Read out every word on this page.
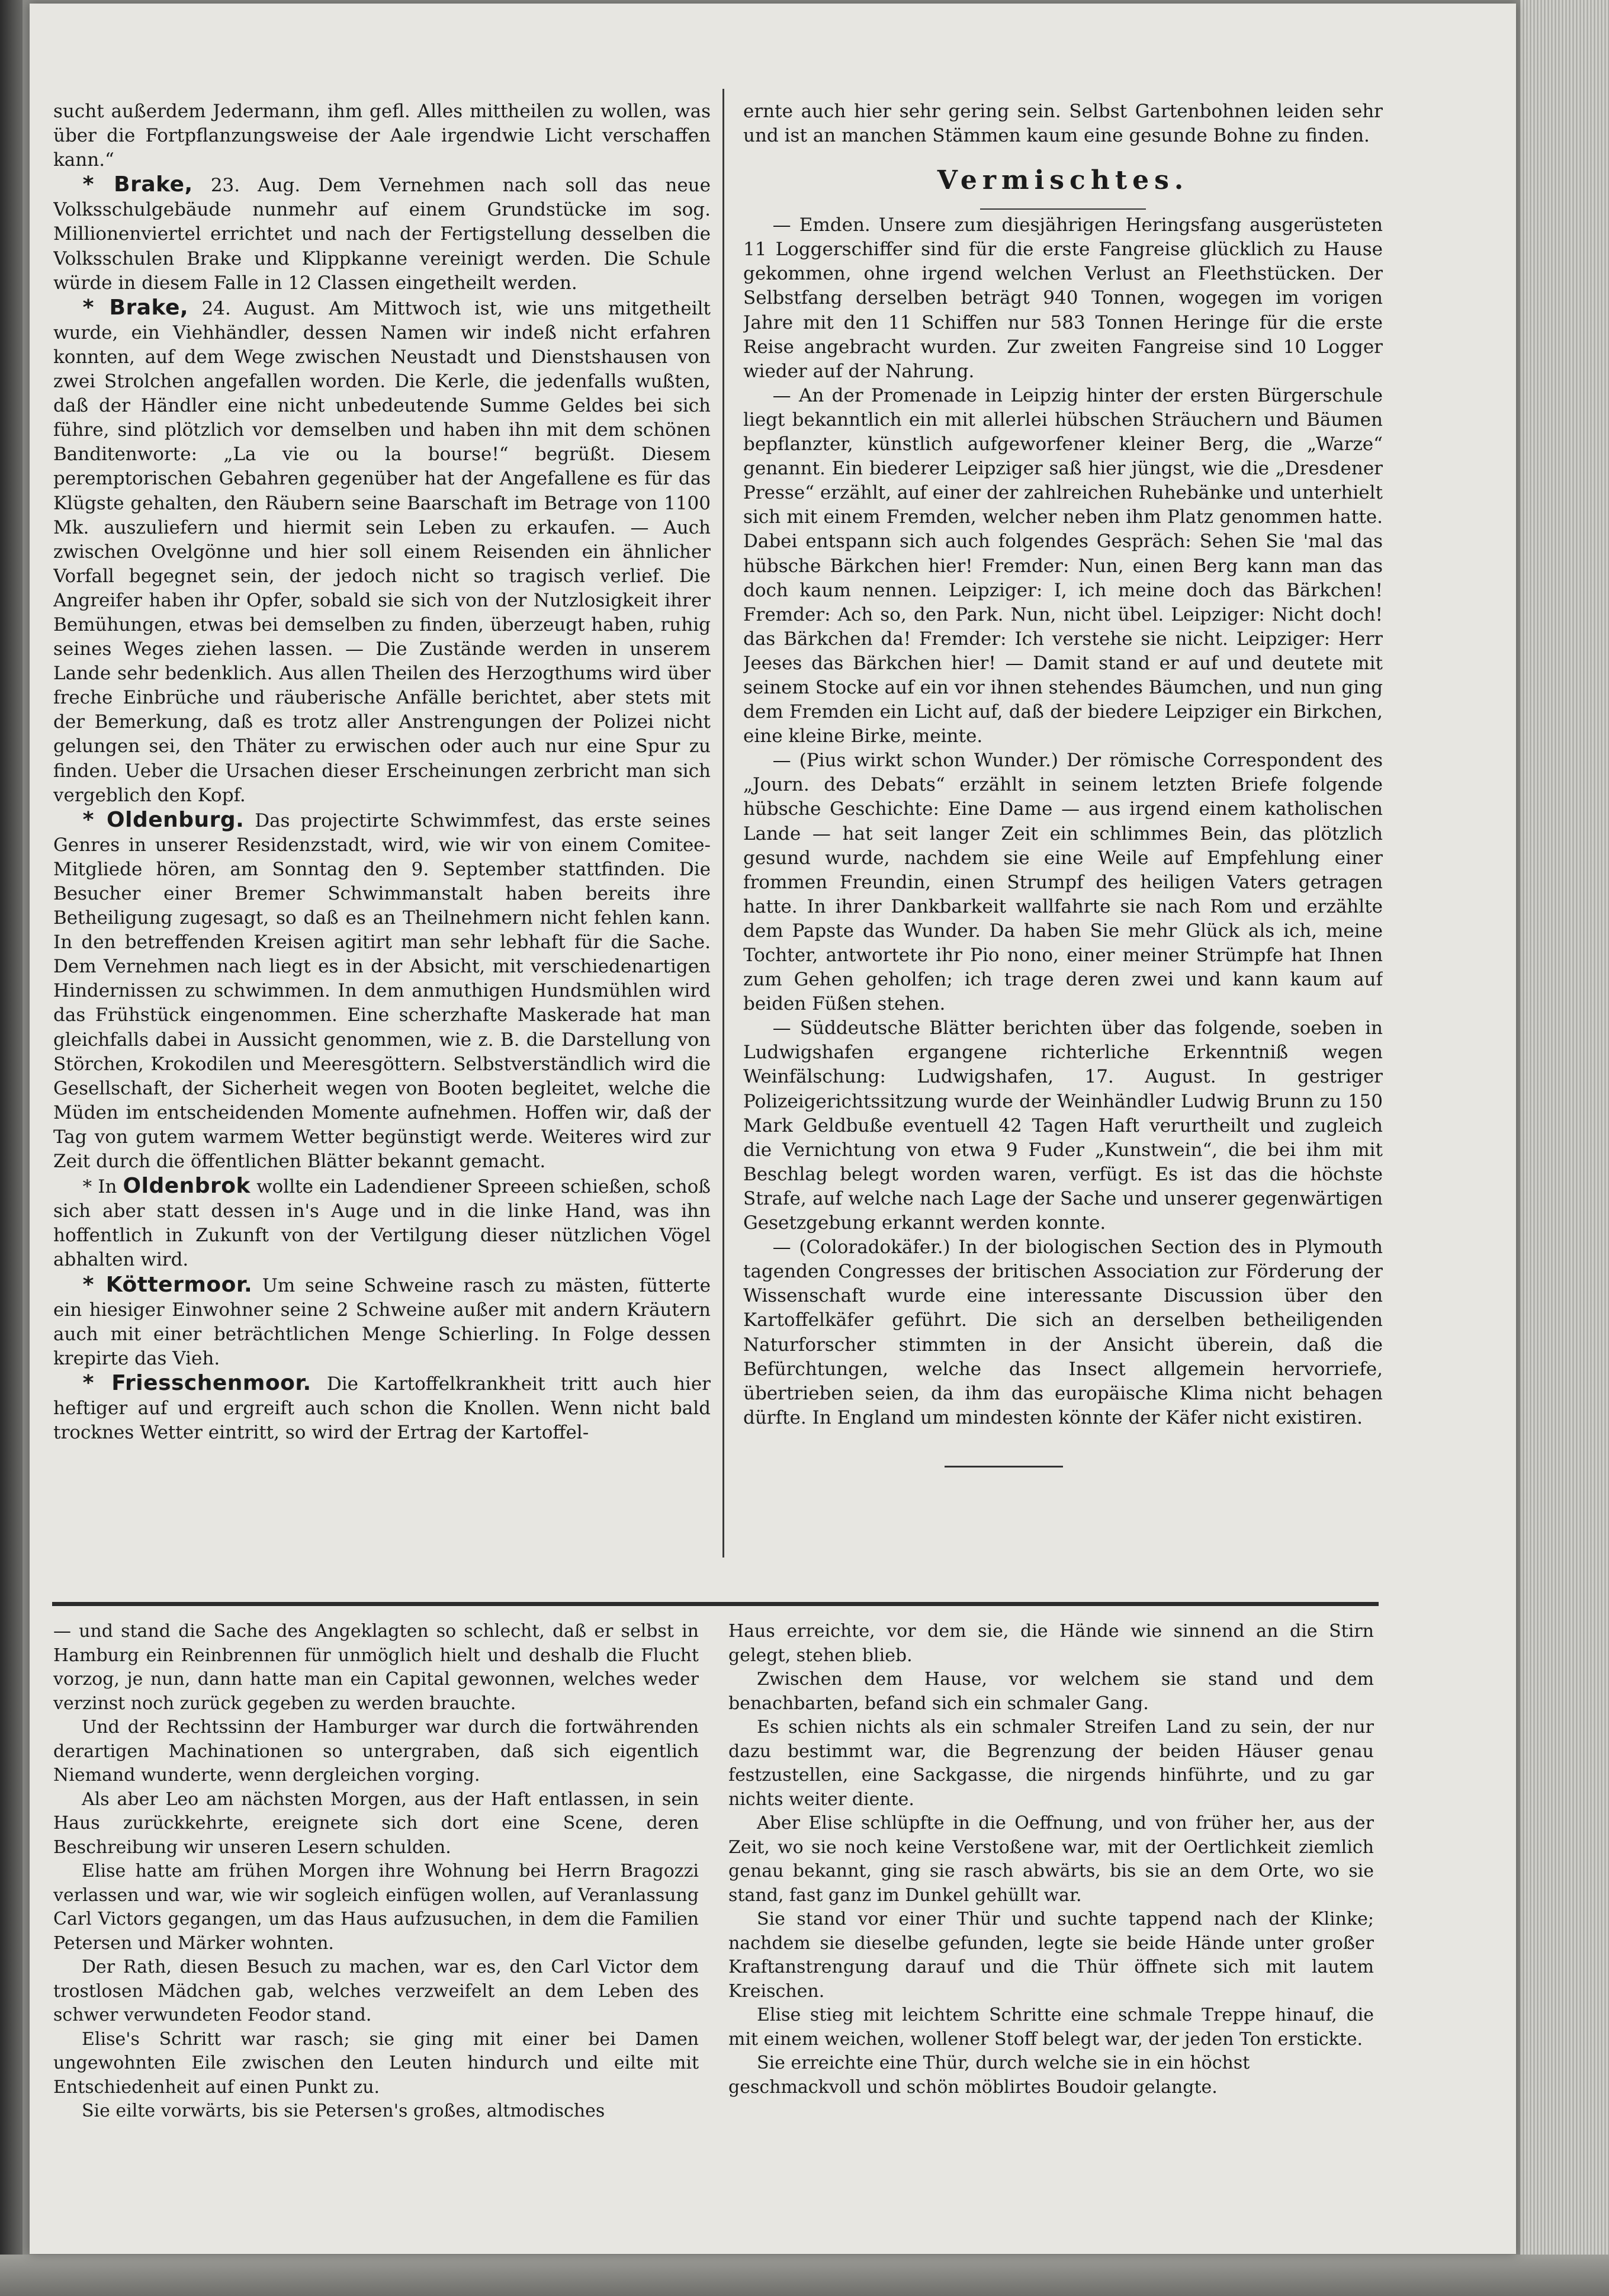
sucht außerdem Jedermann, ihm gefl. Alles mittheilen zu wollen, was über die Fortpflanzungsweise der Aale irgendwie Licht verschaffen kann.“

* Brake, 23. Aug. Dem Vernehmen nach soll das neue Volksschulgebäude nunmehr auf einem Grundstücke im sog. Millionenviertel errichtet und nach der Fertigstellung desselben die Volksschulen Brake und Klippkanne vereinigt werden. Die Schule würde in diesem Falle in 12 Classen eingetheilt werden.

* Brake, 24. August. Am Mittwoch ist, wie uns mitgetheilt wurde, ein Viehhändler, dessen Namen wir indeß nicht erfahren konnten, auf dem Wege zwischen Neustadt und Dienstshausen von zwei Strolchen angefallen worden. Die Kerle, die jedenfalls wußten, daß der Händler eine nicht unbedeutende Summe Geldes bei sich führe, sind plötzlich vor demselben und haben ihn mit dem schönen Banditenworte: „La vie ou la bourse!“ begrüßt. Diesem peremptorischen Gebahren gegenüber hat der Angefallene es für das Klügste gehalten, den Räubern seine Baarschaft im Betrage von 1100 Mk. auszuliefern und hiermit sein Leben zu erkaufen. — Auch zwischen Ovelgönne und hier soll einem Reisenden ein ähnlicher Vorfall begegnet sein, der jedoch nicht so tragisch verlief. Die Angreifer haben ihr Opfer, sobald sie sich von der Nutzlosigkeit ihrer Bemühungen, etwas bei demselben zu finden, überzeugt haben, ruhig seines Weges ziehen lassen. — Die Zustände werden in unserem Lande sehr bedenklich. Aus allen Theilen des Herzogthums wird über freche Einbrüche und räuberische Anfälle berichtet, aber stets mit der Bemerkung, daß es trotz aller Anstrengungen der Polizei nicht gelungen sei, den Thäter zu erwischen oder auch nur eine Spur zu finden. Ueber die Ursachen dieser Erscheinungen zerbricht man sich vergeblich den Kopf.

* Oldenburg. Das projectirte Schwimmfest, das erste seines Genres in unserer Residenzstadt, wird, wie wir von einem Comitee-Mitgliede hören, am Sonntag den 9. September stattfinden. Die Besucher einer Bremer Schwimmanstalt haben bereits ihre Betheiligung zugesagt, so daß es an Theilnehmern nicht fehlen kann. In den betreffenden Kreisen agitirt man sehr lebhaft für die Sache. Dem Vernehmen nach liegt es in der Absicht, mit verschiedenartigen Hindernissen zu schwimmen. In dem anmuthigen Hundsmühlen wird das Frühstück eingenommen. Eine scherzhafte Maskerade hat man gleichfalls dabei in Aussicht genommen, wie z. B. die Darstellung von Störchen, Krokodilen und Meeresgöttern. Selbstverständlich wird die Gesellschaft, der Sicherheit wegen von Booten begleitet, welche die Müden im entscheidenden Momente aufnehmen. Hoffen wir, daß der Tag von gutem warmem Wetter begünstigt werde. Weiteres wird zur Zeit durch die öffentlichen Blätter bekannt gemacht.

* In Oldenbrok wollte ein Ladendiener Spreeen schießen, schoß sich aber statt dessen in's Auge und in die linke Hand, was ihn hoffentlich in Zukunft von der Vertilgung dieser nützlichen Vögel abhalten wird.

* Köttermoor. Um seine Schweine rasch zu mästen, fütterte ein hiesiger Einwohner seine 2 Schweine außer mit andern Kräutern auch mit einer beträchtlichen Menge Schierling. In Folge dessen krepirte das Vieh.

* Friesschenmoor. Die Kartoffelkrankheit tritt auch hier heftiger auf und ergreift auch schon die Knollen. Wenn nicht bald trocknes Wetter eintritt, so wird der Ertrag der Kartoffel-

ernte auch hier sehr gering sein. Selbst Gartenbohnen leiden sehr und ist an manchen Stämmen kaum eine gesunde Bohne zu finden.

Vermischtes.

— Emden. Unsere zum diesjährigen Heringsfang ausgerüsteten 11 Loggerschiffer sind für die erste Fangreise glücklich zu Hause gekommen, ohne irgend welchen Verlust an Fleethstücken. Der Selbstfang derselben beträgt 940 Tonnen, wogegen im vorigen Jahre mit den 11 Schiffen nur 583 Tonnen Heringe für die erste Reise angebracht wurden. Zur zweiten Fangreise sind 10 Logger wieder auf der Nahrung.

— An der Promenade in Leipzig hinter der ersten Bürgerschule liegt bekanntlich ein mit allerlei hübschen Sträuchern und Bäumen bepflanzter, künstlich aufgeworfener kleiner Berg, die „Warze“ genannt. Ein biederer Leipziger saß hier jüngst, wie die „Dresdener Presse“ erzählt, auf einer der zahlreichen Ruhebänke und unterhielt sich mit einem Fremden, welcher neben ihm Platz genommen hatte. Dabei entspann sich auch folgendes Gespräch: Sehen Sie 'mal das hübsche Bärkchen hier! Fremder: Nun, einen Berg kann man das doch kaum nennen. Leipziger: I, ich meine doch das Bärkchen! Fremder: Ach so, den Park. Nun, nicht übel. Leipziger: Nicht doch! das Bärkchen da! Fremder: Ich verstehe sie nicht. Leipziger: Herr Jeeses das Bärkchen hier! — Damit stand er auf und deutete mit seinem Stocke auf ein vor ihnen stehendes Bäumchen, und nun ging dem Fremden ein Licht auf, daß der biedere Leipziger ein Birkchen, eine kleine Birke, meinte.

— (Pius wirkt schon Wunder.) Der römische Correspondent des „Journ. des Debats“ erzählt in seinem letzten Briefe folgende hübsche Geschichte: Eine Dame — aus irgend einem katholischen Lande — hat seit langer Zeit ein schlimmes Bein, das plötzlich gesund wurde, nachdem sie eine Weile auf Empfehlung einer frommen Freundin, einen Strumpf des heiligen Vaters getragen hatte. In ihrer Dankbarkeit wallfahrte sie nach Rom und erzählte dem Papste das Wunder. Da haben Sie mehr Glück als ich, meine Tochter, antwortete ihr Pio nono, einer meiner Strümpfe hat Ihnen zum Gehen geholfen; ich trage deren zwei und kann kaum auf beiden Füßen stehen.

— Süddeutsche Blätter berichten über das folgende, soeben in Ludwigshafen ergangene richterliche Erkenntniß wegen Weinfälschung: Ludwigshafen, 17. August. In gestriger Polizeigerichtssitzung wurde der Weinhändler Ludwig Brunn zu 150 Mark Geldbuße eventuell 42 Tagen Haft verurtheilt und zugleich die Vernichtung von etwa 9 Fuder „Kunstwein“, die bei ihm mit Beschlag belegt worden waren, verfügt. Es ist das die höchste Strafe, auf welche nach Lage der Sache und unserer gegenwärtigen Gesetzgebung erkannt werden konnte.

— (Coloradokäfer.) In der biologischen Section des in Plymouth tagenden Congresses der britischen Association zur Förderung der Wissenschaft wurde eine interessante Discussion über den Kartoffelkäfer geführt. Die sich an derselben betheiligenden Naturforscher stimmten in der Ansicht überein, daß die Befürchtungen, welche das Insect allgemein hervorriefe, übertrieben seien, da ihm das europäische Klima nicht behagen dürfte. In England um mindesten könnte der Käfer nicht existiren.

— und stand die Sache des Angeklagten so schlecht, daß er selbst in Hamburg ein Reinbrennen für unmöglich hielt und deshalb die Flucht vorzog, je nun, dann hatte man ein Capital gewonnen, welches weder verzinst noch zurück gegeben zu werden brauchte.

Und der Rechtssinn der Hamburger war durch die fortwährenden derartigen Machinationen so untergraben, daß sich eigentlich Niemand wunderte, wenn dergleichen vorging.

Als aber Leo am nächsten Morgen, aus der Haft entlassen, in sein Haus zurückkehrte, ereignete sich dort eine Scene, deren Beschreibung wir unseren Lesern schulden.

Elise hatte am frühen Morgen ihre Wohnung bei Herrn Bragozzi verlassen und war, wie wir sogleich einfügen wollen, auf Veranlassung Carl Victors gegangen, um das Haus aufzusuchen, in dem die Familien Petersen und Märker wohnten.

Der Rath, diesen Besuch zu machen, war es, den Carl Victor dem trostlosen Mädchen gab, welches verzweifelt an dem Leben des schwer verwundeten Feodor stand.

Elise's Schritt war rasch; sie ging mit einer bei Damen ungewohnten Eile zwischen den Leuten hindurch und eilte mit Entschiedenheit auf einen Punkt zu.

Sie eilte vorwärts, bis sie Petersen's großes, altmodisches

Haus erreichte, vor dem sie, die Hände wie sinnend an die Stirn gelegt, stehen blieb.

Zwischen dem Hause, vor welchem sie stand und dem benachbarten, befand sich ein schmaler Gang.

Es schien nichts als ein schmaler Streifen Land zu sein, der nur dazu bestimmt war, die Begrenzung der beiden Häuser genau festzustellen, eine Sackgasse, die nirgends hinführte, und zu gar nichts weiter diente.

Aber Elise schlüpfte in die Oeffnung, und von früher her, aus der Zeit, wo sie noch keine Verstoßene war, mit der Oertlichkeit ziemlich genau bekannt, ging sie rasch abwärts, bis sie an dem Orte, wo sie stand, fast ganz im Dunkel gehüllt war.

Sie stand vor einer Thür und suchte tappend nach der Klinke; nachdem sie dieselbe gefunden, legte sie beide Hände unter großer Kraftanstrengung darauf und die Thür öffnete sich mit lautem Kreischen.

Elise stieg mit leichtem Schritte eine schmale Treppe hinauf, die mit einem weichen, wollener Stoff belegt war, der jeden Ton erstickte.

Sie erreichte eine Thür, durch welche sie in ein höchst geschmackvoll und schön möblirtes Boudoir gelangte.
